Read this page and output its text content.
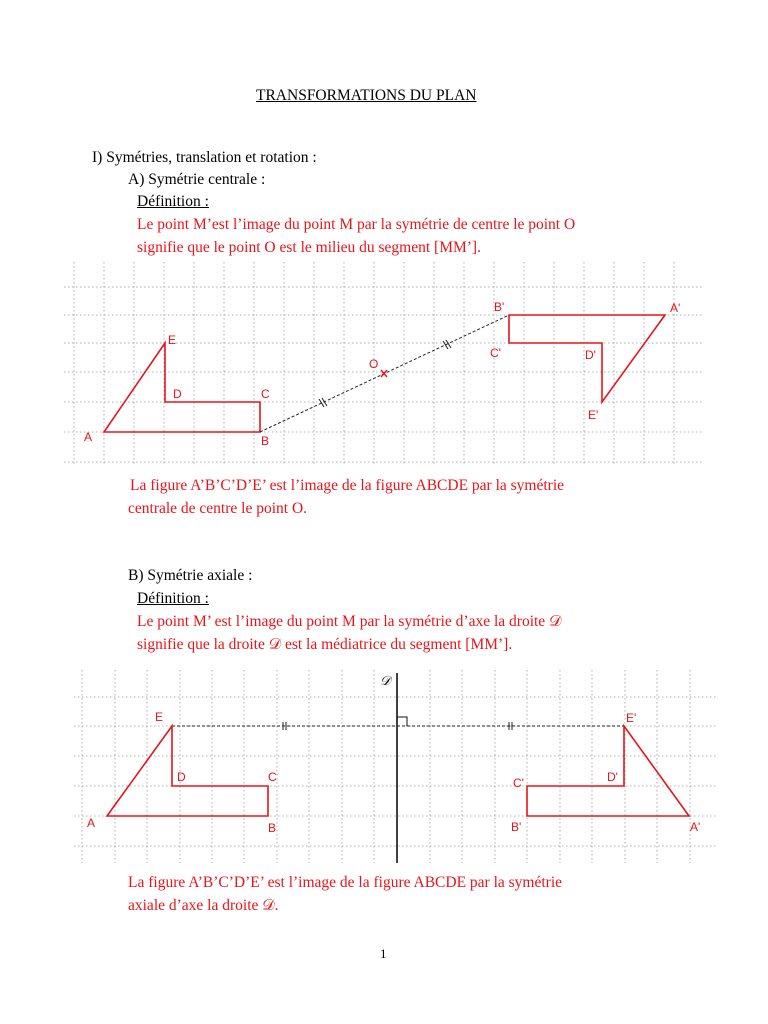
TRANSFORMATIONS DU PLAN
I) Symétries, translation et rotation :
A) Symétrie centrale :
Définition :
Le point M’est l’image du point M par la symétrie de centre le point O
signifie que le point O est le milieu du segment [MM’].
A	B
C
D
E
O
A'
B'
C'	D'
E'
La figure A’B’C’D’E’ est l’image de la figure ABCDE par la symétrie
centrale de centre le point O.
B) Symétrie axiale :
Définition :
Le point M’ est l’image du point M par la symétrie d’axe la droite 𝒟
signifie que la droite 𝒟 est la médiatrice du segment [MM’].
𝒟
A	B
C
D
E
A'
B'
C'	D'
E'
La figure A’B’C’D’E’ est l’image de la figure ABCDE par la symétrie
axiale d’axe la droite 𝒟.
1
